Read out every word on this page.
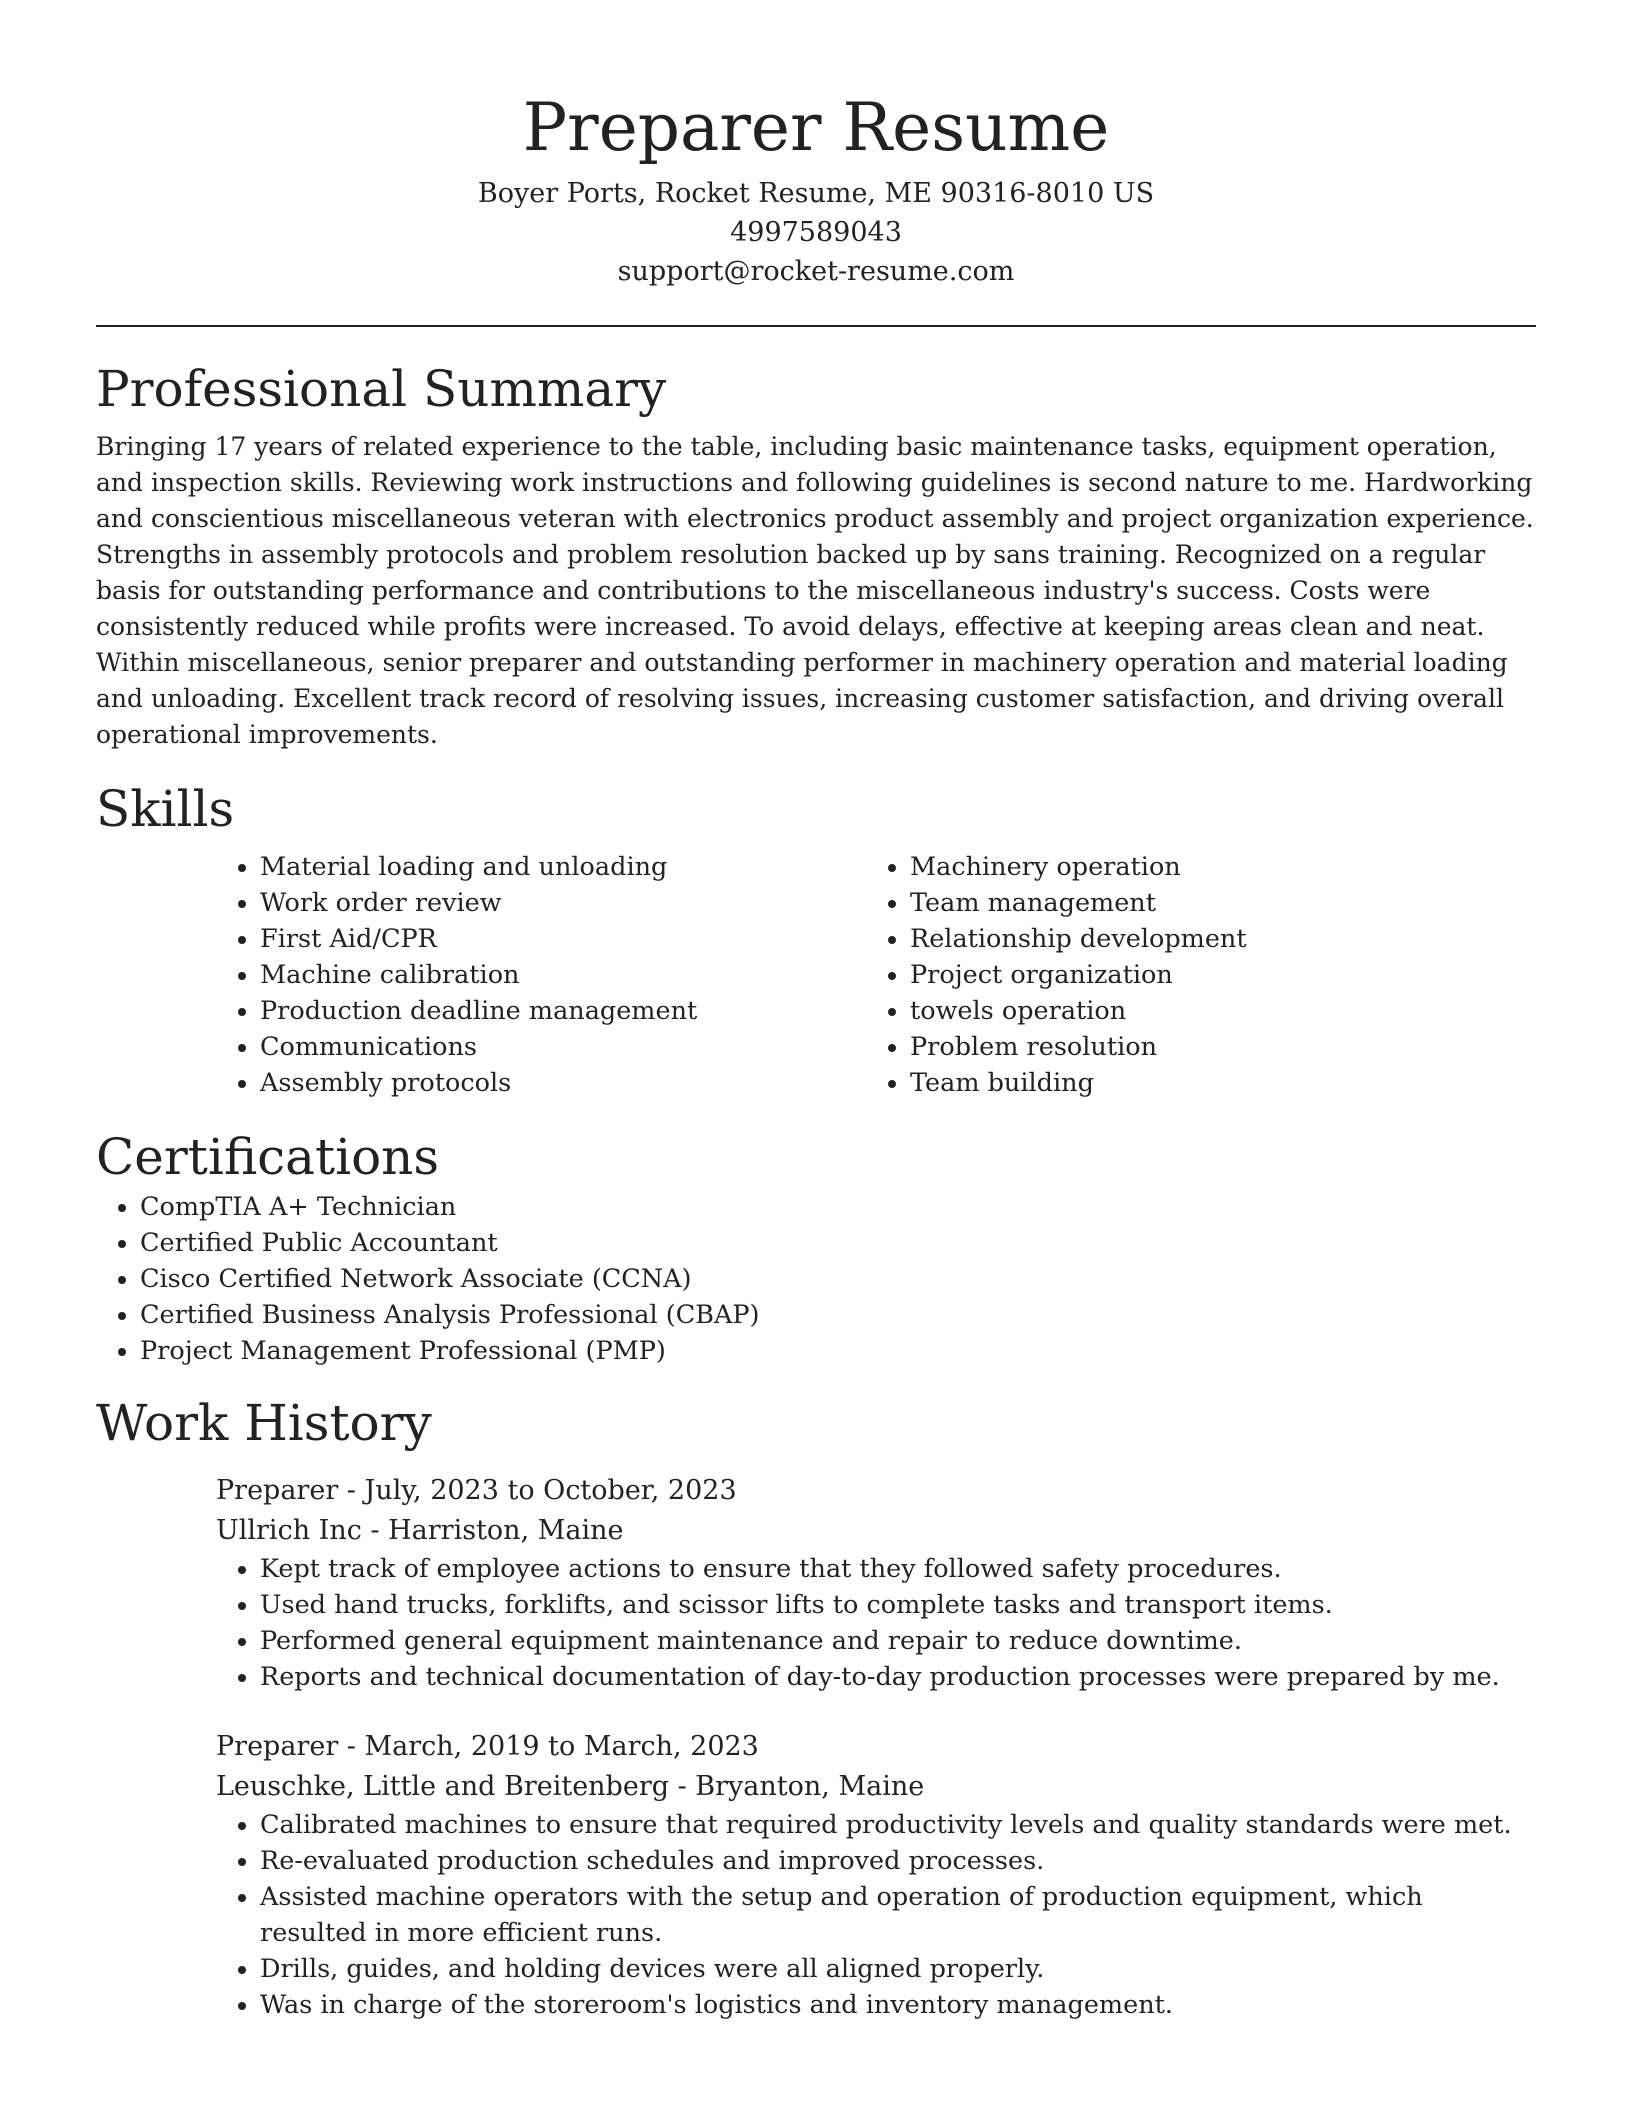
Preparer Resume

Boyer Ports, Rocket Resume, ME 90316-8010 US

4997589043

support@rocket-resume.com

Professional Summary

Bringing 17 years of related experience to the table, including basic maintenance tasks, equipment operation, and inspection skills. Reviewing work instructions and following guidelines is second nature to me. Hardworking and conscientious miscellaneous veteran with electronics product assembly and project organization experience. Strengths in assembly protocols and problem resolution backed up by sans training. Recognized on a regular basis for outstanding performance and contributions to the miscellaneous industry's success. Costs were consistently reduced while profits were increased. To avoid delays, effective at keeping areas clean and neat. Within miscellaneous, senior preparer and outstanding performer in machinery operation and material loading and unloading. Excellent track record of resolving issues, increasing customer satisfaction, and driving overall operational improvements.

Skills
• Material loading and unloading
• Work order review
• First Aid/CPR
• Machine calibration
• Production deadline management
• Communications
• Assembly protocols
• Machinery operation
• Team management
• Relationship development
• Project organization
• towels operation
• Problem resolution
• Team building
Certifications
• CompTIA A+ Technician
• Certified Public Accountant
• Cisco Certified Network Associate (CCNA)
• Certified Business Analysis Professional (CBAP)
• Project Management Professional (PMP)
Work History

Preparer - July, 2023 to October, 2023

Ullrich Inc - Harriston, Maine

• Kept track of employee actions to ensure that they followed safety procedures.
• Used hand trucks, forklifts, and scissor lifts to complete tasks and transport items.
• Performed general equipment maintenance and repair to reduce downtime.
• Reports and technical documentation of day-to-day production processes were prepared by me.

Preparer - March, 2019 to March, 2023

Leuschke, Little and Breitenberg - Bryanton, Maine

• Calibrated machines to ensure that required productivity levels and quality standards were met.
• Re-evaluated production schedules and improved processes.
• Assisted machine operators with the setup and operation of production equipment, which resulted in more efficient runs.
• Drills, guides, and holding devices were all aligned properly.
• Was in charge of the storeroom's logistics and inventory management.
